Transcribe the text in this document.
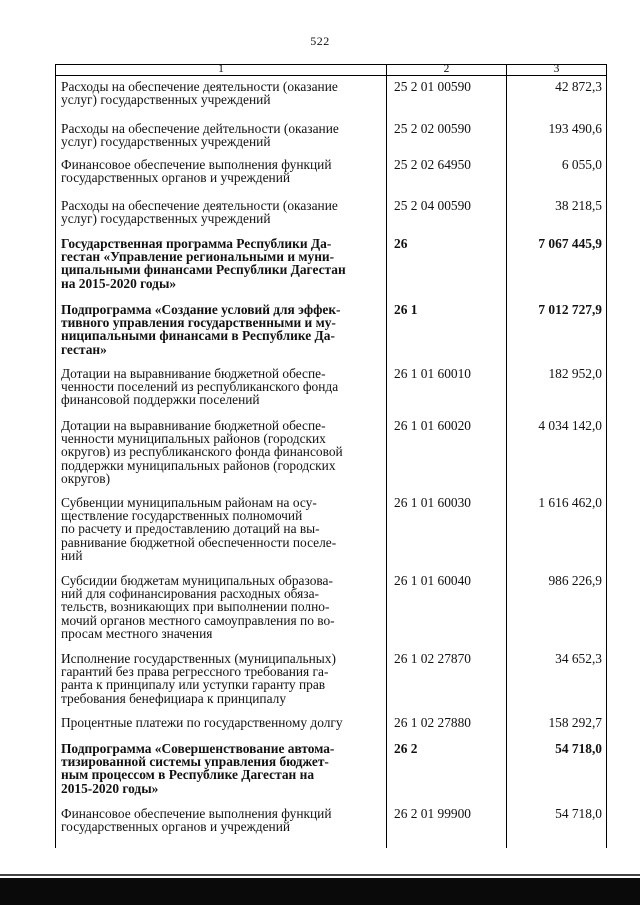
522
1	2	3
Расходы на обеспечение деятельности (оказание
услуг) государственных учреждений
25 2 01 00590	42 872,3
Расходы на обеспечение дейтельности (оказание
услуг) государственных учреждений
25 2 02 00590	193 490,6
Финансовое обеспечение выполнения функций
государственных органов и учреждений
25 2 02 64950	6 055,0
Расходы на обеспечение деятельности (оказание
услуг) государственных учреждений
25 2 04 00590	38 218,5
Государственная программа Республики Да-
гестан «Управление региональными и муни-
ципальными финансами Республики Дагестан
на 2015-2020 годы»
26	7 067 445,9
Подпрограмма «Создание условий для эффек-
тивного управления государственными и му-
ниципальными финансами в Республике Да-
гестан»
26 1	7 012 727,9
Дотации на выравнивание бюджетной обеспе-
ченности поселений из республиканского фонда
финансовой поддержки поселений
26 1 01 60010	182 952,0
Дотации на выравнивание бюджетной обеспе-
ченности муниципальных районов (городских
округов) из республиканского фонда финансовой
поддержки муниципальных районов (городских
округов)
26 1 01 60020	4 034 142,0
Субвенции муниципальным районам на осу-
ществление государственных полномочий
по расчету и предоставлению дотаций на вы-
равнивание бюджетной обеспеченности поселе-
ний
26 1 01 60030	1 616 462,0
Субсидии бюджетам муниципальных образова-
ний для софинансирования расходных обяза-
тельств, возникающих при выполнении полно-
мочий органов местного самоуправления по во-
просам местного значения
26 1 01 60040	986 226,9
Исполнение государственных (муниципальных)
гарантий без права регрессного требования га-
ранта к принципалу или уступки гаранту прав
требования бенефициара к принципалу
26 1 02 27870	34 652,3
Процентные платежи по государственному долгу	26 1 02 27880	158 292,7
Подпрограмма «Совершенствование автома-
тизированной системы управления бюджет-
ным процессом в Республике Дагестан на
2015-2020 годы»
26 2	54 718,0
Финансовое обеспечение выполнения функций
государственных органов и учреждений
26 2 01 99900	54 718,0
